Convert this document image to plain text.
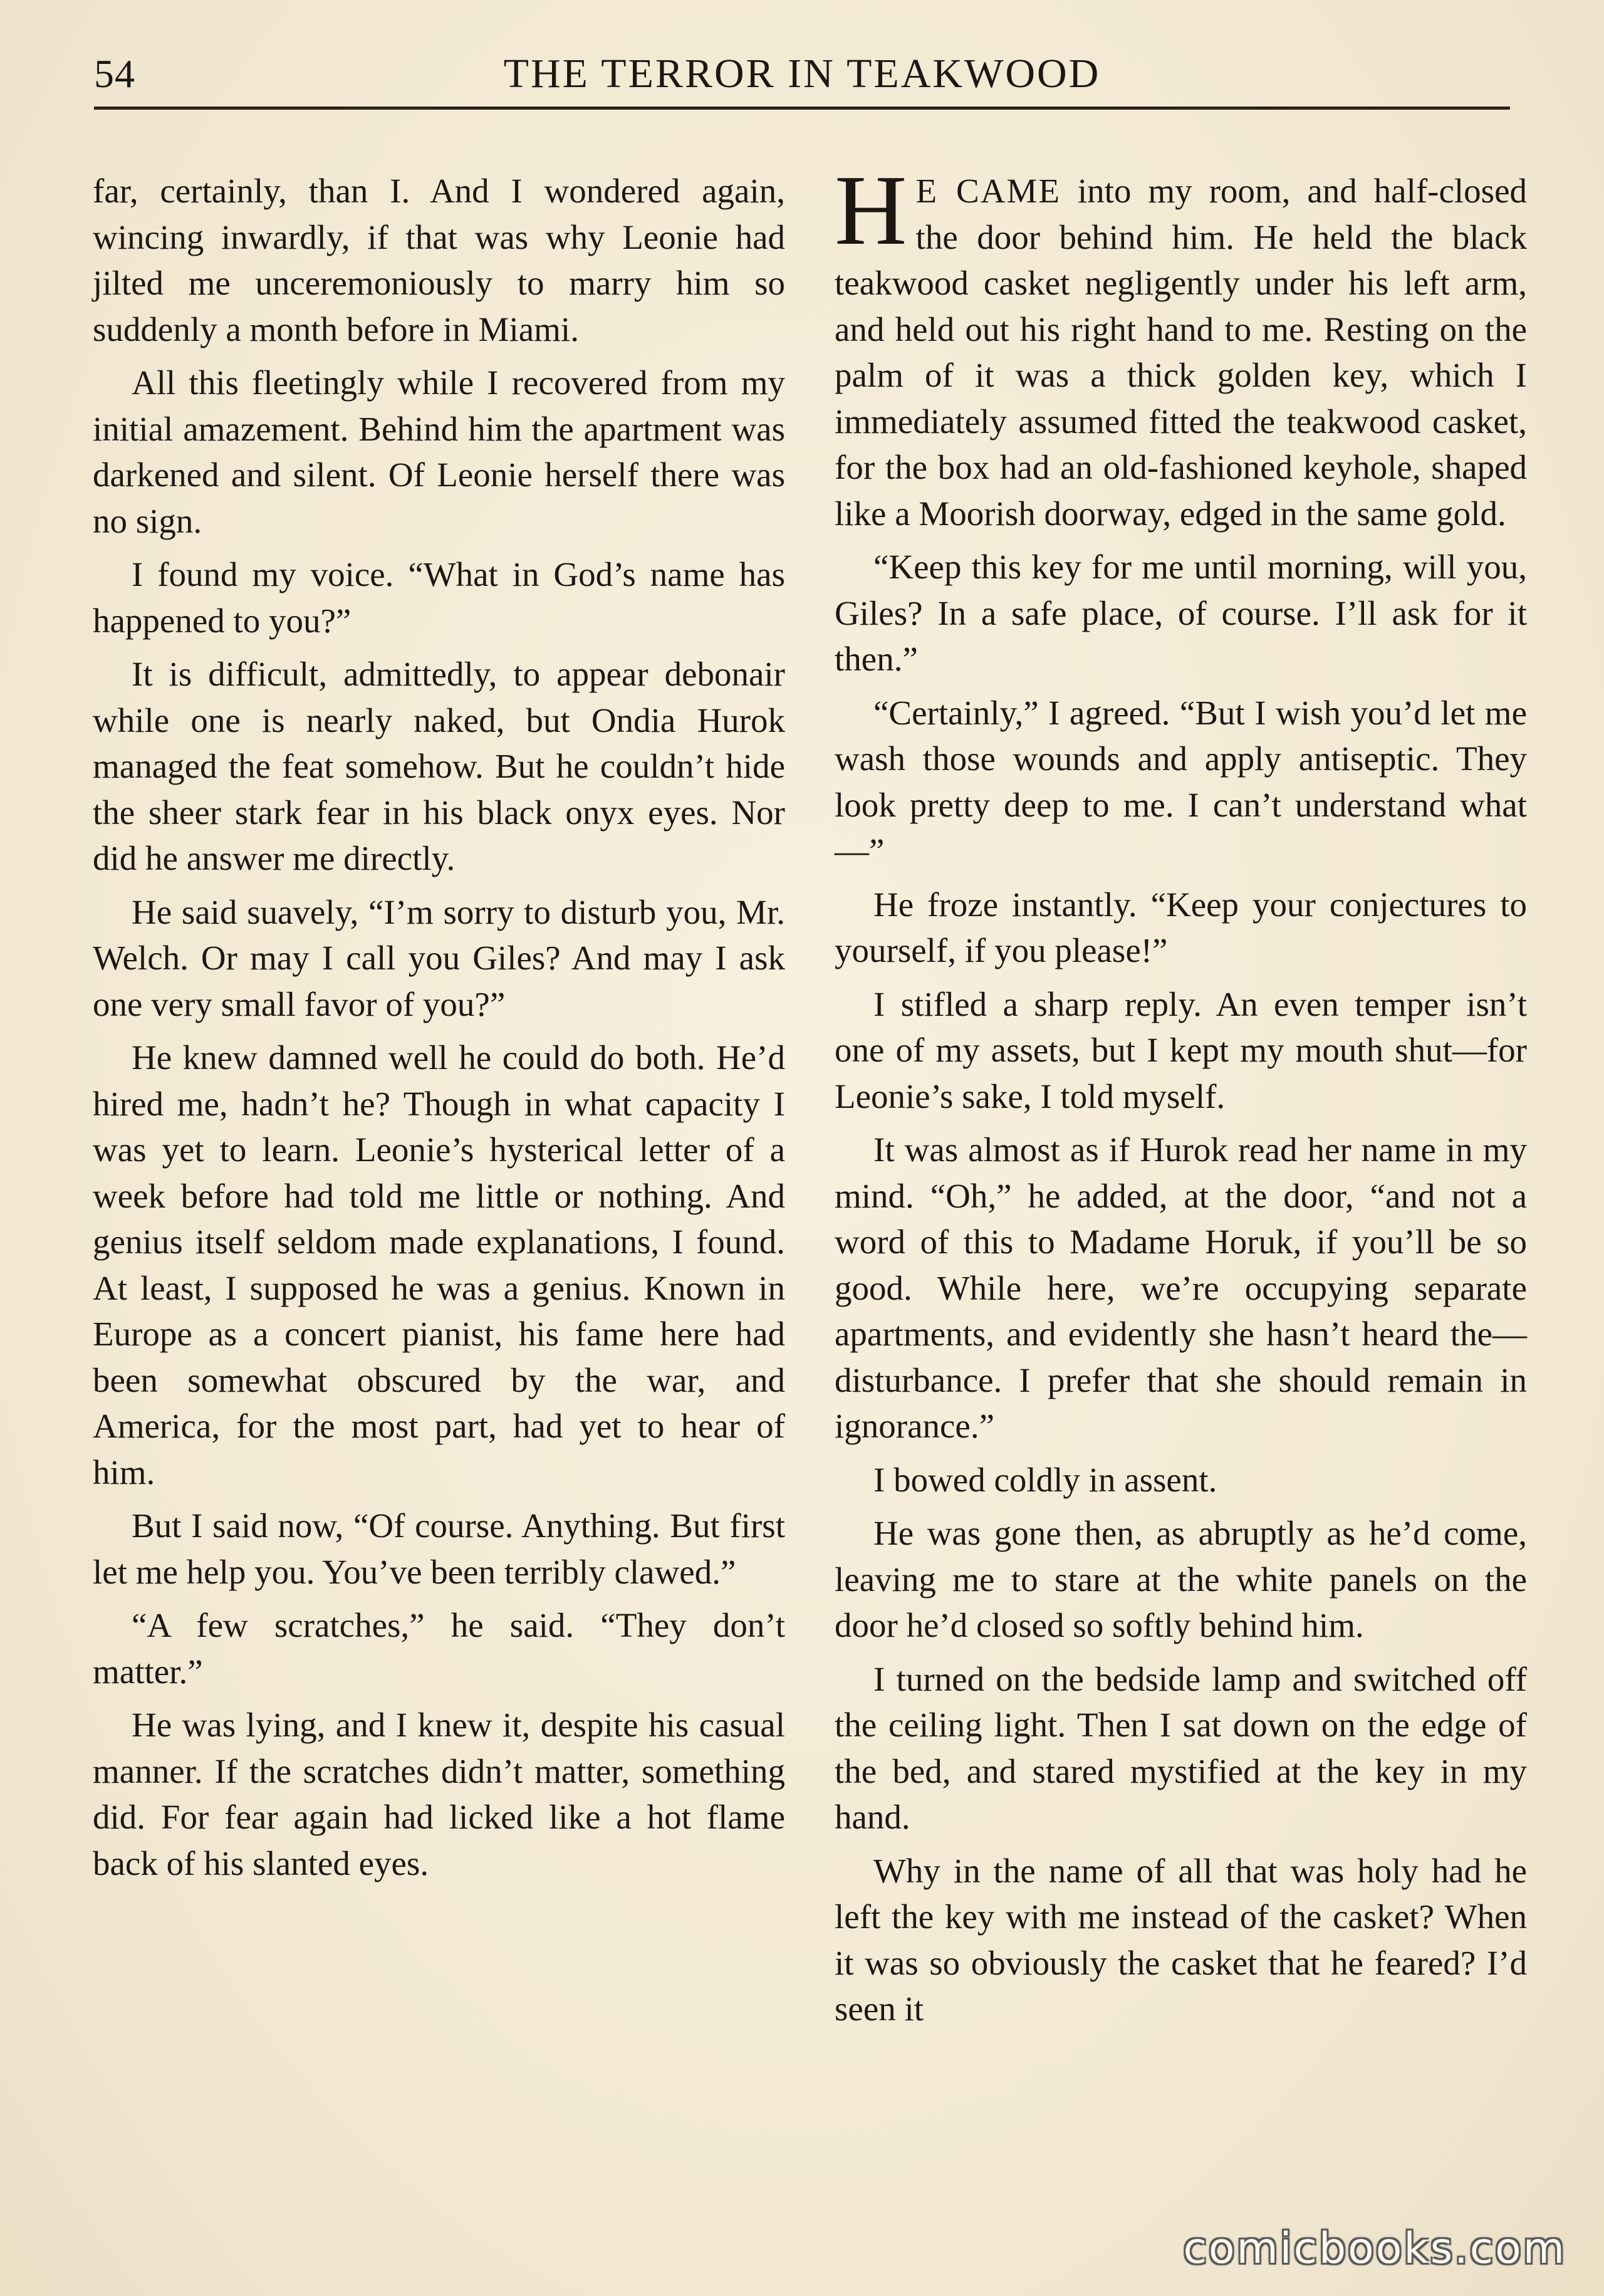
54	THE TERROR IN TEAKWOOD

far, certainly, than I. And I wondered again, wincing inwardly, if that was why Leonie had jilted me unceremoniously to marry him so suddenly a month before in Miami.

All this fleetingly while I recovered from my initial amazement. Behind him the apartment was darkened and silent. Of Leonie herself there was no sign.

I found my voice. “What in God’s name has happened to you?”

It is difficult, admittedly, to appear debonair while one is nearly naked, but Ondia Hurok managed the feat somehow. But he couldn’t hide the sheer stark fear in his black onyx eyes. Nor did he answer me directly.

He said suavely, “I’m sorry to disturb you, Mr. Welch. Or may I call you Giles? And may I ask one very small favor of you?”

He knew damned well he could do both. He’d hired me, hadn’t he? Though in what capacity I was yet to learn. Leonie’s hysterical letter of a week before had told me little or nothing. And genius itself seldom made explanations, I found. At least, I supposed he was a genius. Known in Europe as a concert pianist, his fame here had been somewhat obscured by the war, and America, for the most part, had yet to hear of him.

But I said now, “Of course. Anything. But first let me help you. You’ve been terribly clawed.”

“A few scratches,” he said. “They don’t matter.”

He was lying, and I knew it, despite his casual manner. If the scratches didn’t matter, something did. For fear again had licked like a hot flame back of his slanted eyes.

H E CAME into my room, and half-closed the door behind him. He held the black teakwood casket negligently under his left arm, and held out his right hand to me. Resting on the palm of it was a thick golden key, which I immediately assumed fitted the teakwood casket, for the box had an old-fashioned keyhole, shaped like a Moorish doorway, edged in the same gold.

“Keep this key for me until morning, will you, Giles? In a safe place, of course. I’ll ask for it then.”

“Certainly,” I agreed. “But I wish you’d let me wash those wounds and apply antiseptic. They look pretty deep to me. I can’t understand what—”

He froze instantly. “Keep your conjectures to yourself, if you please!”

I stifled a sharp reply. An even temper isn’t one of my assets, but I kept my mouth shut—for Leonie’s sake, I told myself.

It was almost as if Hurok read her name in my mind. “Oh,” he added, at the door, “and not a word of this to Madame Horuk, if you’ll be so good. While here, we’re occupying separate apartments, and evidently she hasn’t heard the—disturbance. I prefer that she should remain in ignorance.”

I bowed coldly in assent.

He was gone then, as abruptly as he’d come, leaving me to stare at the white panels on the door he’d closed so softly behind him.

I turned on the bedside lamp and switched off the ceiling light. Then I sat down on the edge of the bed, and stared mystified at the key in my hand.

Why in the name of all that was holy had he left the key with me instead of the casket? When it was so obviously the casket that he feared? I’d seen it

comicbooks.com
